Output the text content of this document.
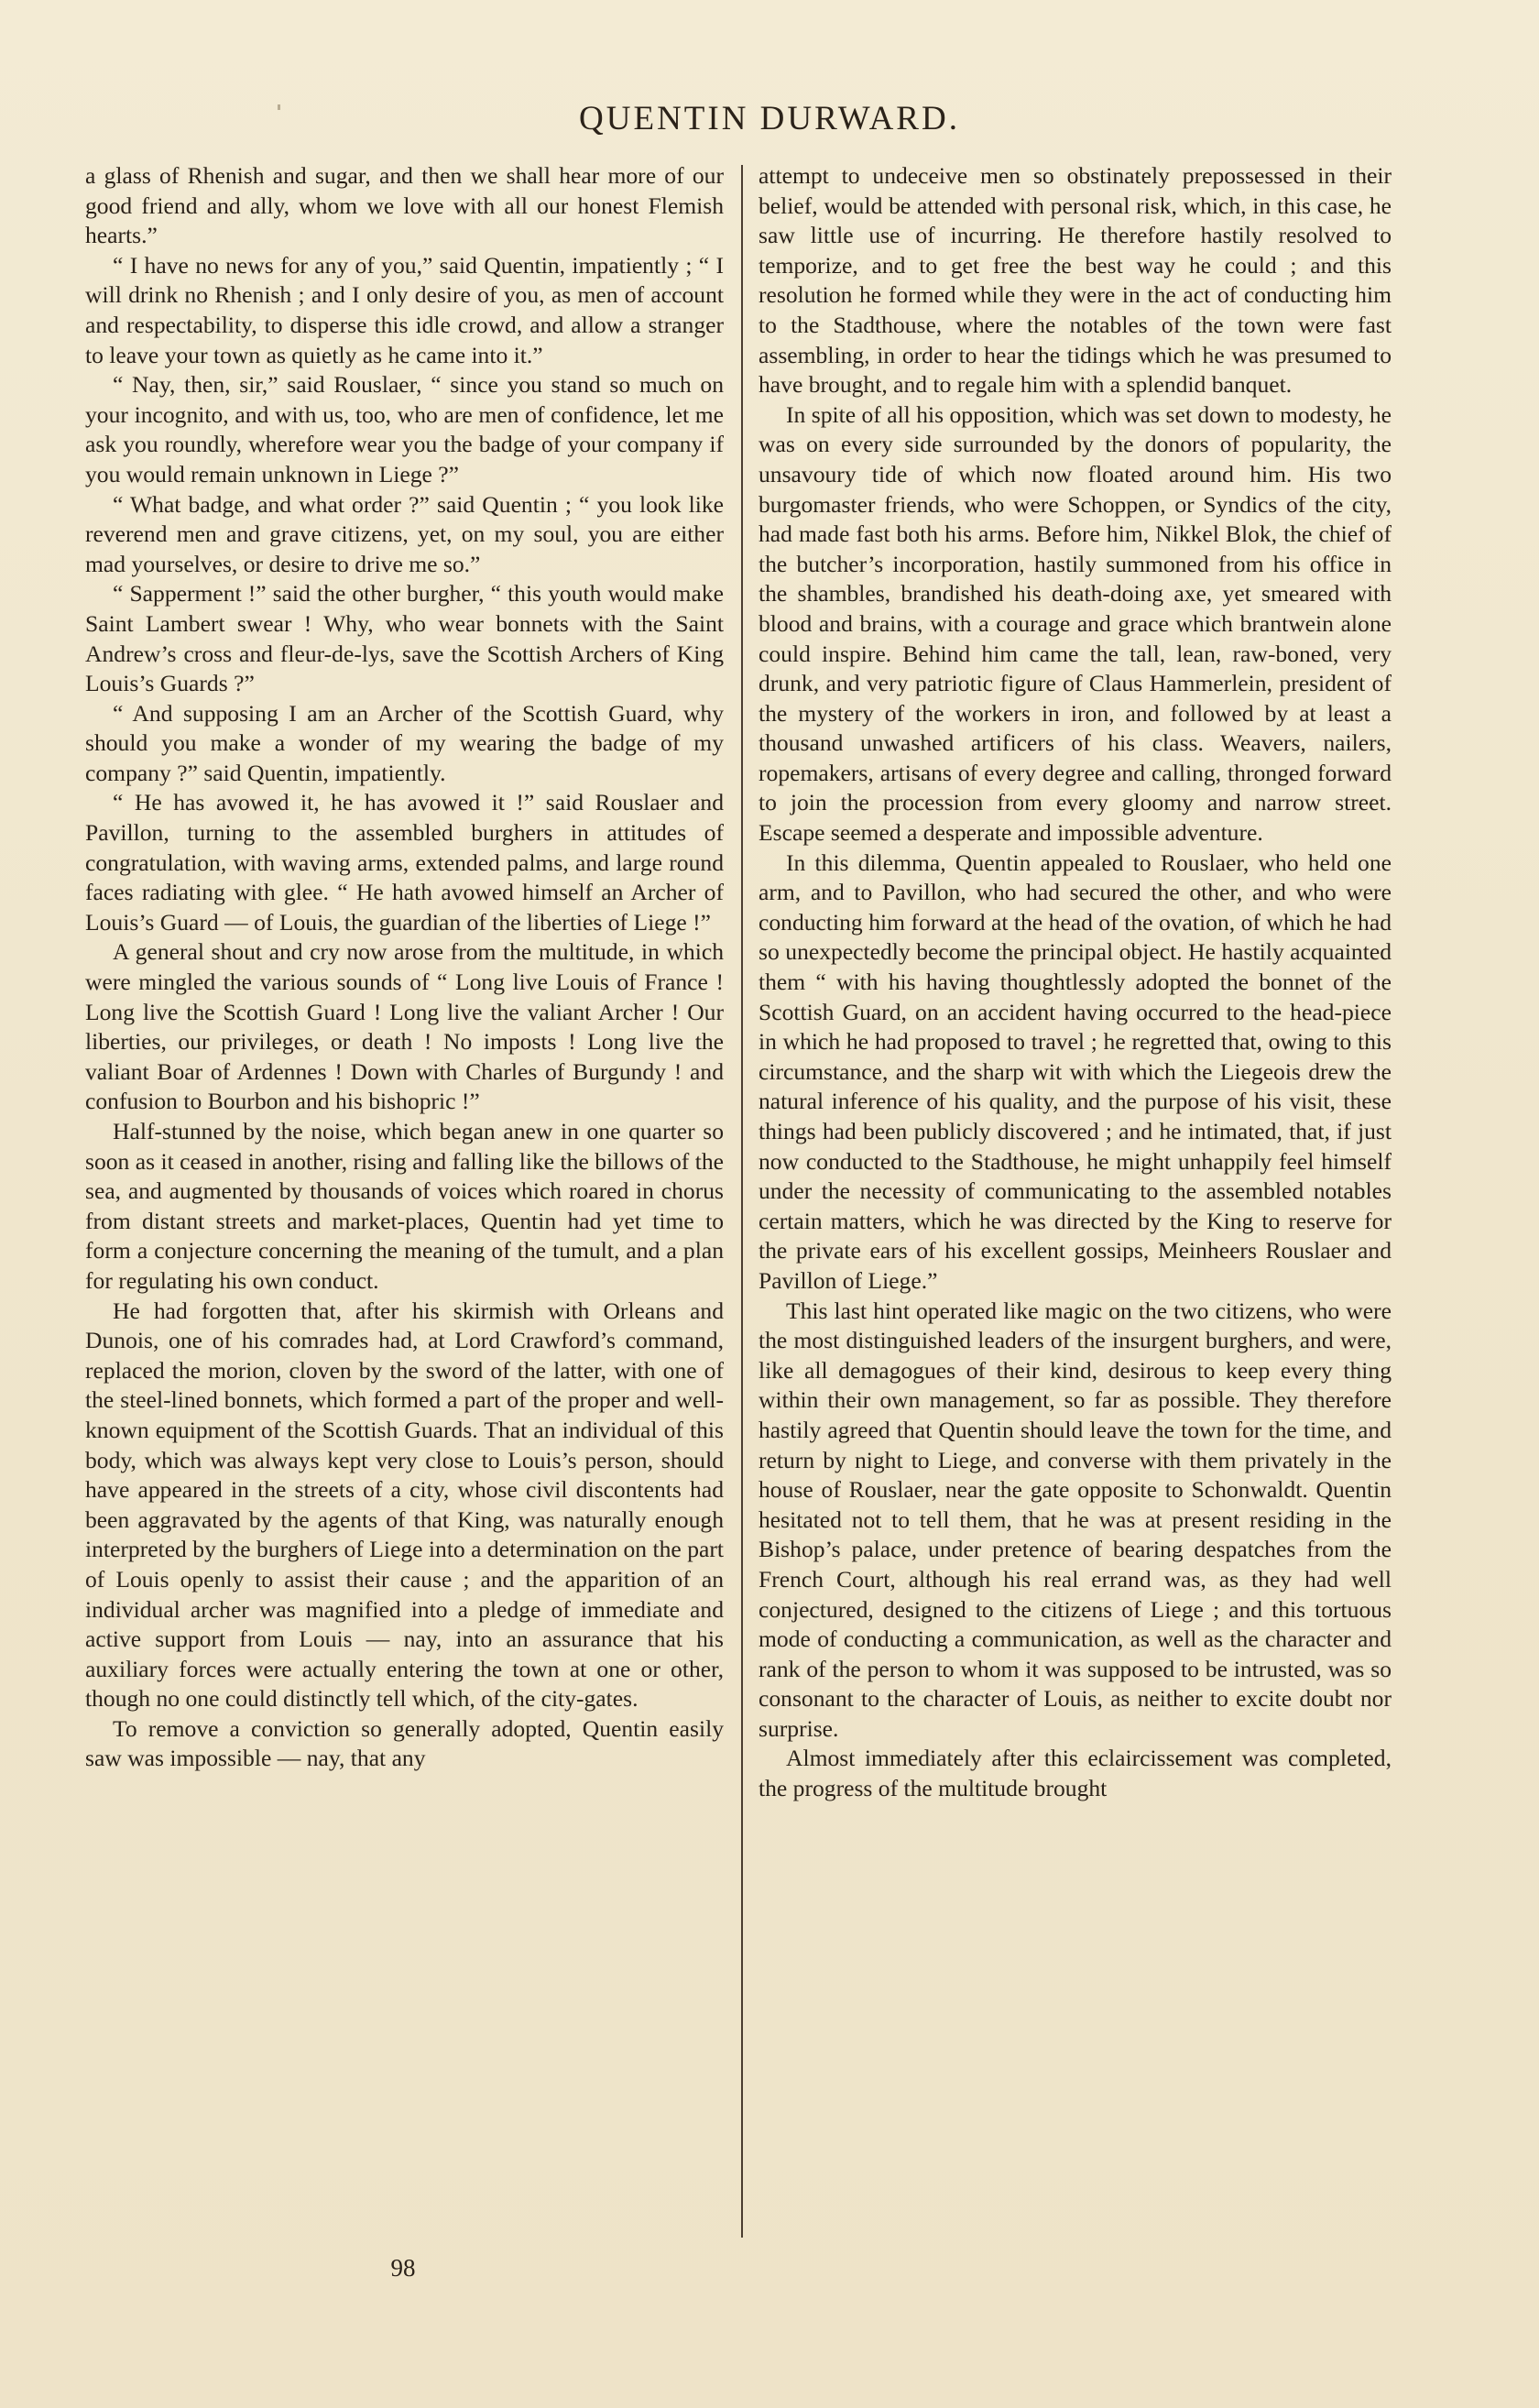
QUENTIN DURWARD.

a glass of Rhenish and sugar, and then we shall hear more of our good friend and ally, whom we love with all our honest Flemish hearts.”

“ I have no news for any of you,” said Quentin, impatiently ; “ I will drink no Rhenish ; and I only desire of you, as men of account and respectability, to disperse this idle crowd, and allow a stranger to leave your town as quietly as he came into it.”

“ Nay, then, sir,” said Rouslaer, “ since you stand so much on your incognito, and with us, too, who are men of confidence, let me ask you roundly, wherefore wear you the badge of your company if you would remain unknown in Liege ?”

“ What badge, and what order ?” said Quentin ; “ you look like reverend men and grave citizens, yet, on my soul, you are either mad yourselves, or desire to drive me so.”

“ Sapperment !” said the other burgher, “ this youth would make Saint Lambert swear ! Why, who wear bonnets with the Saint Andrew’s cross and fleur-de-lys, save the Scottish Archers of King Louis’s Guards ?”

“ And supposing I am an Archer of the Scottish Guard, why should you make a wonder of my wearing the badge of my company ?” said Quentin, impatiently.

“ He has avowed it, he has avowed it !” said Rouslaer and Pavillon, turning to the assembled burghers in attitudes of congratulation, with waving arms, extended palms, and large round faces radiating with glee. “ He hath avowed himself an Archer of Louis’s Guard — of Louis, the guardian of the liberties of Liege !”

A general shout and cry now arose from the multitude, in which were mingled the various sounds of “ Long live Louis of France ! Long live the Scottish Guard ! Long live the valiant Archer ! Our liberties, our privileges, or death ! No imposts ! Long live the valiant Boar of Ardennes ! Down with Charles of Burgundy ! and confusion to Bourbon and his bishopric !”

Half-stunned by the noise, which began anew in one quarter so soon as it ceased in another, rising and falling like the billows of the sea, and augmented by thousands of voices which roared in chorus from distant streets and market-places, Quentin had yet time to form a conjecture concerning the meaning of the tumult, and a plan for regulating his own conduct.

He had forgotten that, after his skirmish with Orleans and Dunois, one of his comrades had, at Lord Crawford’s command, replaced the morion, cloven by the sword of the latter, with one of the steel-lined bonnets, which formed a part of the proper and well-known equipment of the Scottish Guards. That an individual of this body, which was always kept very close to Louis’s person, should have appeared in the streets of a city, whose civil discontents had been aggravated by the agents of that King, was naturally enough interpreted by the burghers of Liege into a determination on the part of Louis openly to assist their cause ; and the apparition of an individual archer was magnified into a pledge of immediate and active support from Louis — nay, into an assurance that his auxiliary forces were actually entering the town at one or other, though no one could distinctly tell which, of the city-gates.

To remove a conviction so generally adopted, Quentin easily saw was impossible — nay, that any

attempt to undeceive men so obstinately prepossessed in their belief, would be attended with personal risk, which, in this case, he saw little use of incurring. He therefore hastily resolved to temporize, and to get free the best way he could ; and this resolution he formed while they were in the act of conducting him to the Stadthouse, where the notables of the town were fast assembling, in order to hear the tidings which he was presumed to have brought, and to regale him with a splendid banquet.

In spite of all his opposition, which was set down to modesty, he was on every side surrounded by the donors of popularity, the unsavoury tide of which now floated around him. His two burgomaster friends, who were Schoppen, or Syndics of the city, had made fast both his arms. Before him, Nikkel Blok, the chief of the butcher’s incorporation, hastily summoned from his office in the shambles, brandished his death-doing axe, yet smeared with blood and brains, with a courage and grace which brantwein alone could inspire. Behind him came the tall, lean, raw-boned, very drunk, and very patriotic figure of Claus Hammerlein, president of the mystery of the workers in iron, and followed by at least a thousand unwashed artificers of his class. Weavers, nailers, ropemakers, artisans of every degree and calling, thronged forward to join the procession from every gloomy and narrow street. Escape seemed a desperate and impossible adventure.

In this dilemma, Quentin appealed to Rouslaer, who held one arm, and to Pavillon, who had secured the other, and who were conducting him forward at the head of the ovation, of which he had so unexpectedly become the principal object. He hastily acquainted them “ with his having thoughtlessly adopted the bonnet of the Scottish Guard, on an accident having occurred to the head-piece in which he had proposed to travel ; he regretted that, owing to this circumstance, and the sharp wit with which the Liegeois drew the natural inference of his quality, and the purpose of his visit, these things had been publicly discovered ; and he intimated, that, if just now conducted to the Stadthouse, he might unhappily feel himself under the necessity of communicating to the assembled notables certain matters, which he was directed by the King to reserve for the private ears of his excellent gossips, Meinheers Rouslaer and Pavillon of Liege.”

This last hint operated like magic on the two citizens, who were the most distinguished leaders of the insurgent burghers, and were, like all demagogues of their kind, desirous to keep every thing within their own management, so far as possible. They therefore hastily agreed that Quentin should leave the town for the time, and return by night to Liege, and converse with them privately in the house of Rouslaer, near the gate opposite to Schonwaldt. Quentin hesitated not to tell them, that he was at present residing in the Bishop’s palace, under pretence of bearing despatches from the French Court, although his real errand was, as they had well conjectured, designed to the citizens of Liege ; and this tortuous mode of conducting a communication, as well as the character and rank of the person to whom it was supposed to be intrusted, was so consonant to the character of Louis, as neither to excite doubt nor surprise.

Almost immediately after this eclaircissement was completed, the progress of the multitude brought

98
